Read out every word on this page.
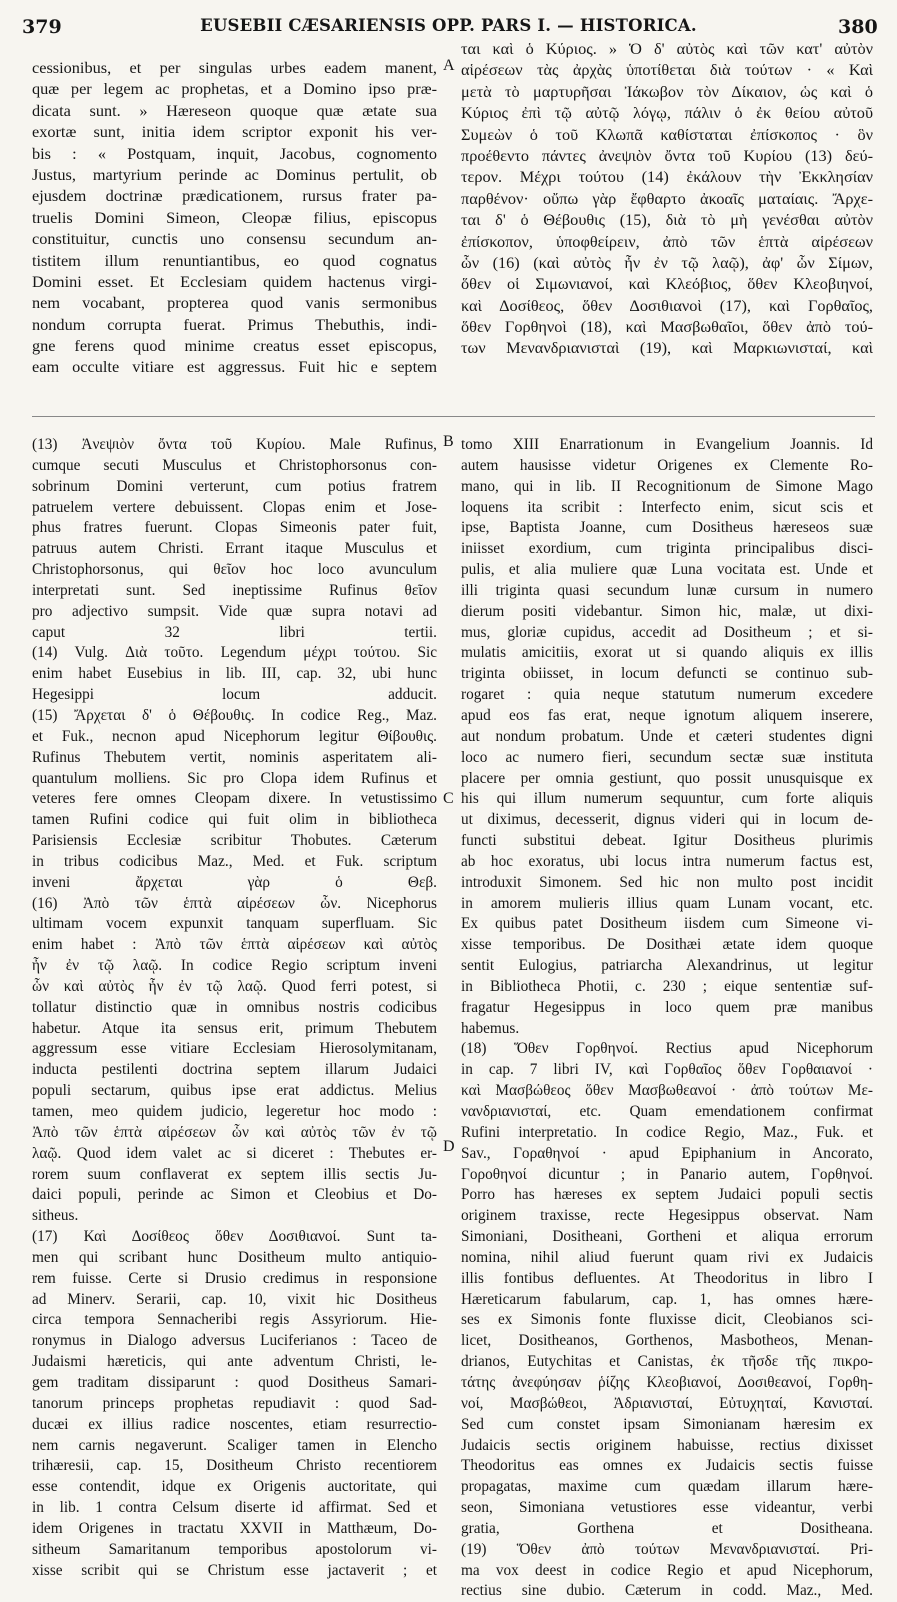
379	EUSEBII CÆSARIENSIS OPP. PARS I. — HISTORICA.	380
A
B
C
D
cessionibus, et per singulas urbes eadem manent,
quæ per legem ac prophetas, et a Domino ipso præ-
dicata sunt. » Hæreseon quoque quæ ætate sua
exortæ sunt, initia idem scriptor exponit his ver-
bis : « Postquam, inquit, Jacobus, cognomento
Justus, martyrium perinde ac Dominus pertulit, ob
ejusdem doctrinæ prædicationem, rursus frater pa-
truelis Domini Simeon, Cleopæ filius, episcopus
constituitur, cunctis uno consensu secundum an-
tistitem illum renuntiantibus, eo quod cognatus
Domini esset. Et Ecclesiam quidem hactenus virgi-
nem vocabant, propterea quod vanis sermonibus
nondum corrupta fuerat. Primus Thebuthis, indi-
gne ferens quod minime creatus esset episcopus,
eam occulte vitiare est aggressus. Fuit hic e septem
ται καὶ ὁ Κύριος. » Ὁ δ' αὐτὸς καὶ τῶν κατ' αὐτὸν
αἱρέσεων τὰς ἀρχὰς ὑποτίθεται διὰ τούτων · « Καὶ
μετὰ τὸ μαρτυρῆσαι Ἰάκωβον τὸν Δίκαιον, ὡς καὶ ὁ
Κύριος ἐπὶ τῷ αὐτῷ λόγῳ, πάλιν ὁ ἐκ θείου αὐτοῦ
Συμεὼν ὁ τοῦ Κλωπᾶ καθίσταται ἐπίσκοπος · ὃν
προέθεντο πάντες ἀνεψιὸν ὄντα τοῦ Κυρίου (13) δεύ-
τερον. Μέχρι τούτου (14) ἐκάλουν τὴν Ἐκκλησίαν
παρθένον· οὔπω γὰρ ἔφθαρτο ἀκοαῖς ματαίαις. Ἄρχε-
ται δ' ὁ Θέβουθις (15), διὰ τὸ μὴ γενέσθαι αὐτὸν
ἐπίσκοπον, ὑποφθείρειν, ἀπὸ τῶν ἑπτὰ αἱρέσεων
ὧν (16) (καὶ αὐτὸς ἦν ἐν τῷ λαῷ), ἀφ' ὧν Σίμων,
ὅθεν οἱ Σιμωνιανοί, καὶ Κλεόβιος, ὅθεν Κλεοβιηνοί,
καὶ Δοσίθεος, ὅθεν Δοσιθιανοὶ (17), καὶ Γορθαῖος,
ὅθεν Γορθηνοὶ (18), καὶ Μασβωθαῖοι, ὅθεν ἀπὸ τού-
των Μενανδριανισταὶ (19), καὶ Μαρκιωνισταί, καὶ
(13) Ἀνεψιὸν ὄντα τοῦ Κυρίου. Male Rufinus,
cumque secuti Musculus et Christophorsonus con-
sobrinum Domini verterunt, cum potius fratrem
patruelem vertere debuissent. Clopas enim et Jose-
phus fratres fuerunt. Clopas Simeonis pater fuit,
patruus autem Christi. Errant itaque Musculus et
Christophorsonus, qui θεῖον hoc loco avunculum
interpretati sunt. Sed ineptissime Rufinus θεῖον
pro adjectivo sumpsit. Vide quæ supra notavi ad
caput 32 libri tertii.
(14) Vulg. Διὰ τοῦτο. Legendum μέχρι τούτου. Sic
enim habet Eusebius in lib. III, cap. 32, ubi hunc
Hegesippi locum adducit.
(15) Ἄρχεται δ' ὁ Θέβουθις. In codice Reg., Maz.
et Fuk., necnon apud Nicephorum legitur Θίβουθις.
Rufinus Thebutem vertit, nominis asperitatem ali-
quantulum molliens. Sic pro Clopa idem Rufinus et
veteres fere omnes Cleopam dixere. In vetustissimo
tamen Rufini codice qui fuit olim in bibliotheca
Parisiensis Ecclesiæ scribitur Thobutes. Cæterum
in tribus codicibus Maz., Med. et Fuk. scriptum
inveni ἄρχεται γὰρ ὁ Θεβ.
(16) Ἀπὸ τῶν ἑπτὰ αἱρέσεων ὧν. Nicephorus
ultimam vocem expunxit tanquam superfluam. Sic
enim habet : Ἀπὸ τῶν ἑπτὰ αἱρέσεων καὶ αὐτὸς
ἦν ἐν τῷ λαῷ. In codice Regio scriptum inveni
ὧν καὶ αὐτὸς ἦν ἐν τῷ λαῷ. Quod ferri potest, si
tollatur distinctio quæ in omnibus nostris codicibus
habetur. Atque ita sensus erit, primum Thebutem
aggressum esse vitiare Ecclesiam Hierosolymitanam,
inducta pestilenti doctrina septem illarum Judaici
populi sectarum, quibus ipse erat addictus. Melius
tamen, meo quidem judicio, legeretur hoc modo :
Ἀπὸ τῶν ἑπτὰ αἱρέσεων ὧν καὶ αὐτὸς τῶν ἐν τῷ
λαῷ. Quod idem valet ac si diceret : Thebutes er-
rorem suum conflaverat ex septem illis sectis Ju-
daici populi, perinde ac Simon et Cleobius et Do-
sitheus.
(17) Καὶ Δοσίθεος ὅθεν Δοσιθιανοί. Sunt ta-
men qui scribant hunc Dositheum multo antiquio-
rem fuisse. Certe si Drusio credimus in responsione
ad Minerv. Serarii, cap. 10, vixit hic Dositheus
circa tempora Sennacheribi regis Assyriorum. Hie-
ronymus in Dialogo adversus Luciferianos : Taceo de
Judaismi hæreticis, qui ante adventum Christi, le-
gem traditam dissiparunt : quod Dositheus Samari-
tanorum princeps prophetas repudiavit : quod Sad-
ducæi ex illius radice noscentes, etiam resurrectio-
nem carnis negaverunt. Scaliger tamen in Elencho
trihæresii, cap. 15, Dositheum Christo recentiorem
esse contendit, idque ex Origenis auctoritate, qui
in lib. 1 contra Celsum diserte id affirmat. Sed et
idem Origenes in tractatu XXVII in Matthæum, Do-
sitheum Samaritanum temporibus apostolorum vi-
xisse scribit qui se Christum esse jactaverit ; et
tomo XIII Enarrationum in Evangelium Joannis. Id
autem hausisse videtur Origenes ex Clemente Ro-
mano, qui in lib. II Recognitionum de Simone Mago
loquens ita scribit : Interfecto enim, sicut scis et
ipse, Baptista Joanne, cum Dositheus hæreseos suæ
iniisset exordium, cum triginta principalibus disci-
pulis, et alia muliere quæ Luna vocitata est. Unde et
illi triginta quasi secundum lunæ cursum in numero
dierum positi videbantur. Simon hic, malæ, ut dixi-
mus, gloriæ cupidus, accedit ad Dositheum ; et si-
mulatis amicitiis, exorat ut si quando aliquis ex illis
triginta obiisset, in locum defuncti se continuo sub-
rogaret : quia neque statutum numerum excedere
apud eos fas erat, neque ignotum aliquem inserere,
aut nondum probatum. Unde et cæteri studentes digni
loco ac numero fieri, secundum sectæ suæ instituta
placere per omnia gestiunt, quo possit unusquisque ex
his qui illum numerum sequuntur, cum forte aliquis
ut diximus, decesserit, dignus videri qui in locum de-
functi substitui debeat. Igitur Dositheus plurimis
ab hoc exoratus, ubi locus intra numerum factus est,
introduxit Simonem. Sed hic non multo post incidit
in amorem mulieris illius quam Lunam vocant, etc.
Ex quibus patet Dositheum iisdem cum Simeone vi-
xisse temporibus. De Dosithæi ætate idem quoque
sentit Eulogius, patriarcha Alexandrinus, ut legitur
in Bibliotheca Photii, c. 230 ; eique sententiæ suf-
fragatur Hegesippus in loco quem præ manibus
habemus.
(18) Ὅθεν Γορθηνοί. Rectius apud Nicephorum
in cap. 7 libri IV, καὶ Γορθαῖος ὅθεν Γορθαιανοί ·
καὶ Μασβώθεος ὅθεν Μασβωθεανοί · ἀπὸ τούτων Με-
νανδριανισταί, etc. Quam emendationem confirmat
Rufini interpretatio. In codice Regio, Maz., Fuk. et
Sav., Γοραθηνοί · apud Epiphanium in Ancorato,
Γοροθηνοί dicuntur ; in Panario autem, Γορθηνοί.
Porro has hæreses ex septem Judaici populi sectis
originem traxisse, recte Hegesippus observat. Nam
Simoniani, Dositheani, Gortheni et aliqua errorum
nomina, nihil aliud fuerunt quam rivi ex Judaicis
illis fontibus defluentes. At Theodoritus in libro I
Hæreticarum fabularum, cap. 1, has omnes hære-
ses ex Simonis fonte fluxisse dicit, Cleobianos sci-
licet, Dositheanos, Gorthenos, Masbotheos, Menan-
drianos, Eutychitas et Canistas, ἐκ τῆσδε τῆς πικρο-
τάτης ἀνεφύησαν ῥίζης Κλεοβιανοί, Δοσιθεανοί, Γορθη-
νοί, Μασβώθεοι, Ἀδριανισταί, Εὐτυχηταί, Κανισταί.
Sed cum constet ipsam Simonianam hæresim ex
Judaicis sectis originem habuisse, rectius dixisset
Theodoritus eas omnes ex Judaicis sectis fuisse
propagatas, maxime cum quædam illarum hære-
seon, Simoniana vetustiores esse videantur, verbi
gratia, Gorthena et Dositheana.
(19) Ὅθεν ἀπὸ τούτων Μενανδριανισταί. Pri-
ma vox deest in codice Regio et apud Nicephorum,
rectius sine dubio. Cæterum in codd. Maz., Med.
